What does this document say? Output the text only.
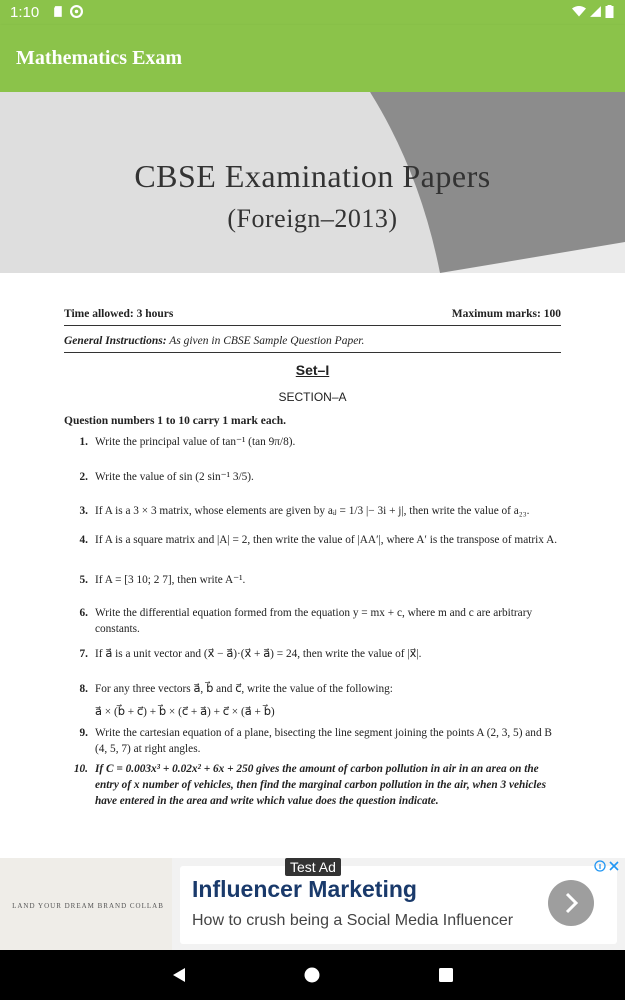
1:10
Mathematics Exam
CBSE Examination Papers
(Foreign–2013)
Time allowed: 3 hours	Maximum marks: 100
General Instructions: As given in CBSE Sample Question Paper.
Set–I
SECTION–A
Question numbers 1 to 10 carry 1 mark each.
1. Write the principal value of tan⁻¹ (tan 9π/8).
2. Write the value of sin (2 sin⁻¹ 3/5).
3. If A is a 3 × 3 matrix, whose elements are given by aᵢⱼ = 1/3 |− 3i + j|, then write the value of a₂₃.
4. If A is a square matrix and |A| = 2, then write the value of |AA′|, where A′ is the transpose of matrix A.
5. If A = [3 10; 2 7], then write A⁻¹.
6. Write the differential equation formed from the equation y = mx + c, where m and c are arbitrary constants.
7. If a⃗ is a unit vector and (x⃗ − a⃗)·(x⃗ + a⃗) = 24, then write the value of |x⃗|.
8. For any three vectors a⃗, b⃗ and c⃗, write the value of the following:
a⃗ × (b⃗ + c⃗) + b⃗ × (c⃗ + a⃗) + c⃗ × (a⃗ + b⃗)
9. Write the cartesian equation of a plane, bisecting the line segment joining the points A (2, 3, 5) and B (4, 5, 7) at right angles.
10. If C = 0.003x³ + 0.02x² + 6x + 250 gives the amount of carbon pollution in air in an area on the entry of x number of vehicles, then find the marginal carbon pollution in the air, when 3 vehicles have entered in the area and write which value does the question indicate.
LAND YOUR DREAM BRAND COLLAB
Influencer Marketing
How to crush being a Social Media Influencer
Test Ad
